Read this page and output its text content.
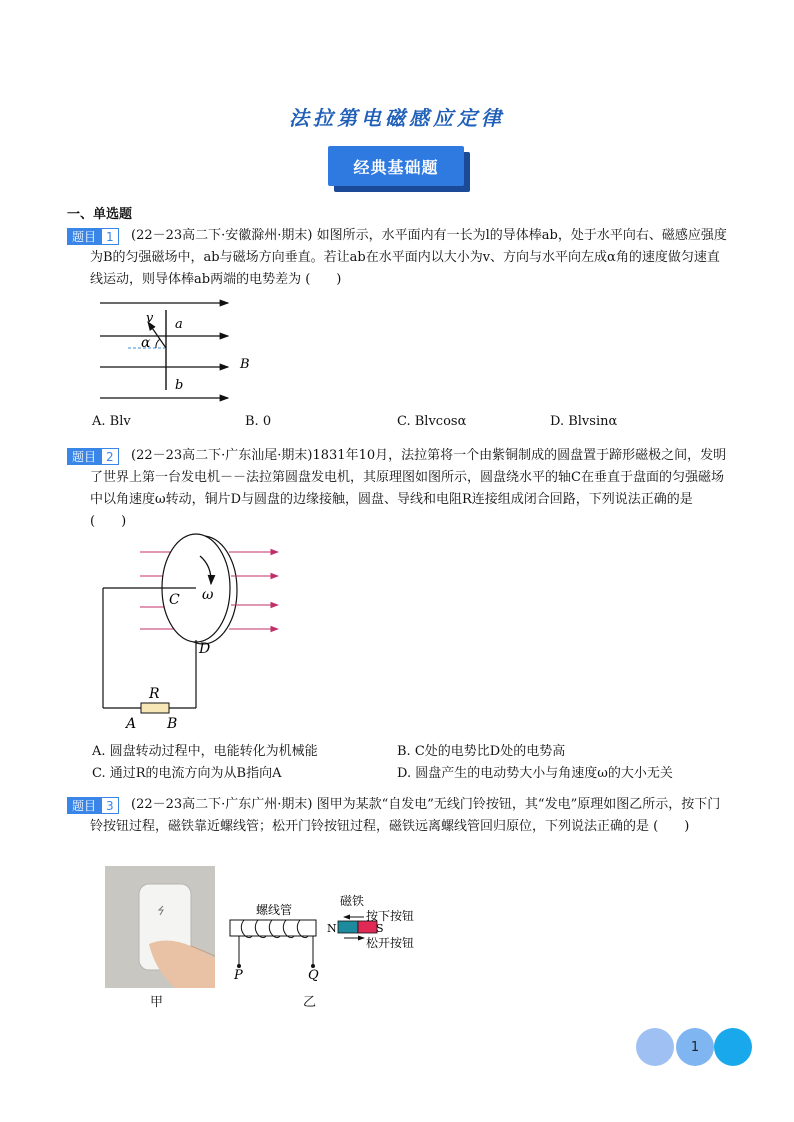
法拉第电磁感应定律
经典基础题
一、单选题
题目 1	(22－23高二下·安徽滁州·期末) 如图所示，水平面内有一长为l的导体棒ab，处于水平向右、磁感应强度为B的匀强磁场中，ab与磁场方向垂直。若让ab在水平面内以大小为v、方向与水平向左成α角的速度做匀速直线运动，则导体棒ab两端的电势差为 (　　)
v a
α
B
b
A. Blv	B. 0	C. Blvcosα	D. Blvsinα
题目 2	(22－23高二下·广东汕尾·期末)1831年10月，法拉第将一个由紫铜制成的圆盘置于蹄形磁极之间，发明了世界上第一台发电机－－法拉第圆盘发电机，其原理图如图所示，圆盘绕水平的轴C在垂直于盘面的匀强磁场中以角速度ω转动，铜片D与圆盘的边缘接触，圆盘、导线和电阻R连接组成闭合回路，下列说法正确的是 (　　)
C ω
D
R
A B
A. 圆盘转动过程中，电能转化为机械能	B. C处的电势比D处的电势高
C. 通过R的电流方向为从B指向A	D. 圆盘产生的电动势大小与角速度ω的大小无关
题目 3	(22－23高二下·广东广州·期末) 图甲为某款“自发电”无线门铃按钮，其“发电”原理如图乙所示，按下门铃按钮过程，磁铁靠近螺线管；松开门铃按钮过程，磁铁远离螺线管回归原位，下列说法正确的是 (　　)
甲
螺线管
磁铁
按下按钮
松开按钮
N	S
P	Q
乙
1
